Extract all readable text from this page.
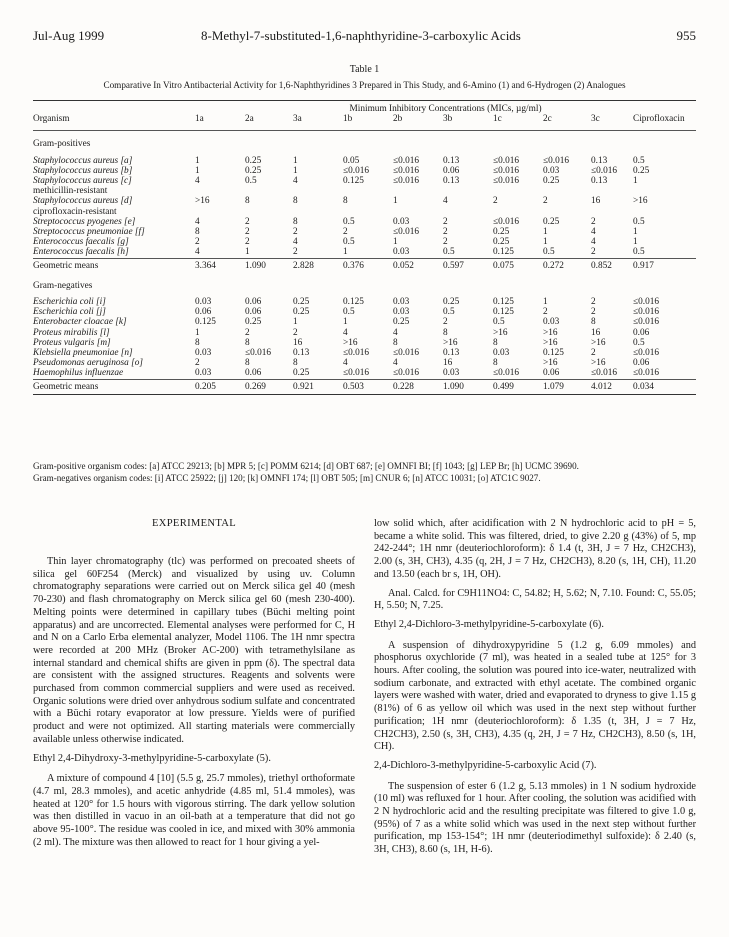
Jul-Aug 1999	8-Methyl-7-substituted-1,6-naphthyridine-3-carboxylic Acids	955
Table 1
Comparative In Vitro Antibacterial Activity for 1,6-Naphthyridines 3 Prepared in This Study, and 6-Amino (1) and 6-Hydrogen (2) Analogues
	Minimum Inhibitory Concentrations (MICs, µg/ml)									
Organism	1a	2a	3a	1b	2b	3b	1c	2c	3c	Ciprofloxacin
Gram-positives										

Staphylococcus aureus [a]	1	0.25	1	0.05	≤0.016	0.13	≤0.016	≤0.016	0.13	0.5

Staphylococcus aureus [b]	1	0.25	1	≤0.016	≤0.016	0.06	≤0.016	0.03	≤0.016	0.25

Staphylococcus aureus [c]
methicillin-resistant	4	0.5	4	0.125	≤0.016	0.13	≤0.016	0.25	0.13	1

Staphylococcus aureus [d]
ciprofloxacin-resistant	>16	8	8	8	1	4	2	2	16	>16

Streptococcus pyogenes [e]	4	2	8	0.5	0.03	2	≤0.016	0.25	2	0.5

Streptococcus pneumoniae [f]	8	2	2	2	≤0.016	2	0.25	1	4	1

Enterococcus faecalis [g]	2	2	4	0.5	1	2	0.25	1	4	1

Enterococcus faecalis [h]	4	1	2	1	0.03	0.5	0.125	0.5	2	0.5
Geometric means	3.364	1.090	2.828	0.376	0.052	0.597	0.075	0.272	0.852	0.917
Gram-negatives										

Escherichia coli [i]	0.03	0.06	0.25	0.125	0.03	0.25	0.125	1	2	≤0.016

Escherichia coli [j]	0.06	0.06	0.25	0.5	0.03	0.5	0.125	2	2	≤0.016

Enterobacter cloacae [k]	0.125	0.25	1	1	0.25	2	0.5	0.03	8	≤0.016

Proteus mirabilis [l]	1	2	2	4	4	8	>16	>16	16	0.06

Proteus vulgaris [m]	8	8	16	>16	8	>16	8	>16	>16	0.5

Klebsiella pneumoniae [n]	0.03	≤0.016	0.13	≤0.016	≤0.016	0.13	0.03	0.125	2	≤0.016

Pseudomonas aeruginosa [o]	2	8	8	4	4	16	8	>16	>16	0.06

Haemophilus influenzae	0.03	0.06	0.25	≤0.016	≤0.016	0.03	≤0.016	0.06	≤0.016	≤0.016
Geometric means	0.205	0.269	0.921	0.503	0.228	1.090	0.499	1.079	4.012	0.034
Gram-positive organism codes: [a] ATCC 29213; [b] MPR 5; [c] POMM 6214; [d] OBT 687; [e] OMNFI BI; [f] 1043; [g] LEP Br; [h] UCMC 39690.
Gram-negatives organism codes: [i] ATCC 25922; [j] 120; [k] OMNFI 174; [l] OBT 505; [m] CNUR 6; [n] ATCC 10031; [o] ATC1C 9027.
EXPERIMENTAL

Thin layer chromatography (tlc) was performed on precoated sheets of silica gel 60F254 (Merck) and visualized by using uv. Column chromatography separations were carried out on Merck silica gel 40 (mesh 70-230) and flash chromatography on Merck silica gel 60 (mesh 230-400). Melting points were determined in capillary tubes (Büchi melting point apparatus) and are uncorrected. Elemental analyses were performed for C, H and N on a Carlo Erba elemental analyzer, Model 1106. The 1H nmr spectra were recorded at 200 MHz (Broker AC-200) with tetramethylsilane as internal standard and chemical shifts are given in ppm (δ). The spectral data are consistent with the assigned structures. Reagents and solvents were purchased from common commercial suppliers and were used as received. Organic solutions were dried over anhydrous sodium sulfate and concentrated with a Büchi rotary evaporator at low pressure. Yields were of purified product and were not optimized. All starting materials were commercially available unless otherwise indicated.

Ethyl 2,4-Dihydroxy-3-methylpyridine-5-carboxylate (5).

A mixture of compound 4 [10] (5.5 g, 25.7 mmoles), triethyl orthoformate (4.7 ml, 28.3 mmoles), and acetic anhydride (4.85 ml, 51.4 mmoles), was heated at 120° for 1.5 hours with vigorous stirring. The dark yellow solution was then distilled in vacuo in an oil-bath at a temperature that did not go above 95-100°. The residue was cooled in ice, and mixed with 30% ammonia (2 ml). The mixture was then allowed to react for 1 hour giving a yel-

low solid which, after acidification with 2 N hydrochloric acid to pH = 5, became a white solid. This was filtered, dried, to give 2.20 g (43%) of 5, mp 242-244°; 1H nmr (deuteriochloroform): δ 1.4 (t, 3H, J = 7 Hz, CH2CH3), 2.00 (s, 3H, CH3), 4.35 (q, 2H, J = 7 Hz, CH2CH3), 8.20 (s, 1H, CH), 11.20 and 13.50 (each br s, 1H, OH).

Anal. Calcd. for C9H11NO4: C, 54.82; H, 5.62; N, 7.10. Found: C, 55.05; H, 5.50; N, 7.25.

Ethyl 2,4-Dichloro-3-methylpyridine-5-carboxylate (6).

A suspension of dihydroxypyridine 5 (1.2 g, 6.09 mmoles) and phosphorus oxychloride (7 ml), was heated in a sealed tube at 125° for 3 hours. After cooling, the solution was poured into ice-water, neutralized with sodium carbonate, and extracted with ethyl acetate. The combined organic layers were washed with water, dried and evaporated to dryness to give 1.15 g (81%) of 6 as yellow oil which was used in the next step without further purification; 1H nmr (deuteriochloroform): δ 1.35 (t, 3H, J = 7 Hz, CH2CH3), 2.50 (s, 3H, CH3), 4.35 (q, 2H, J = 7 Hz, CH2CH3), 8.50 (s, 1H, CH).

2,4-Dichloro-3-methylpyridine-5-carboxylic Acid (7).

The suspension of ester 6 (1.2 g, 5.13 mmoles) in 1 N sodium hydroxide (10 ml) was refluxed for 1 hour. After cooling, the solution was acidified with 2 N hydrochloric acid and the resulting precipitate was filtered to give 1.0 g, (95%) of 7 as a white solid which was used in the next step without further purification, mp 153-154°; 1H nmr (deuteriodimethyl sulfoxide): δ 2.40 (s, 3H, CH3), 8.60 (s, 1H, H-6).
